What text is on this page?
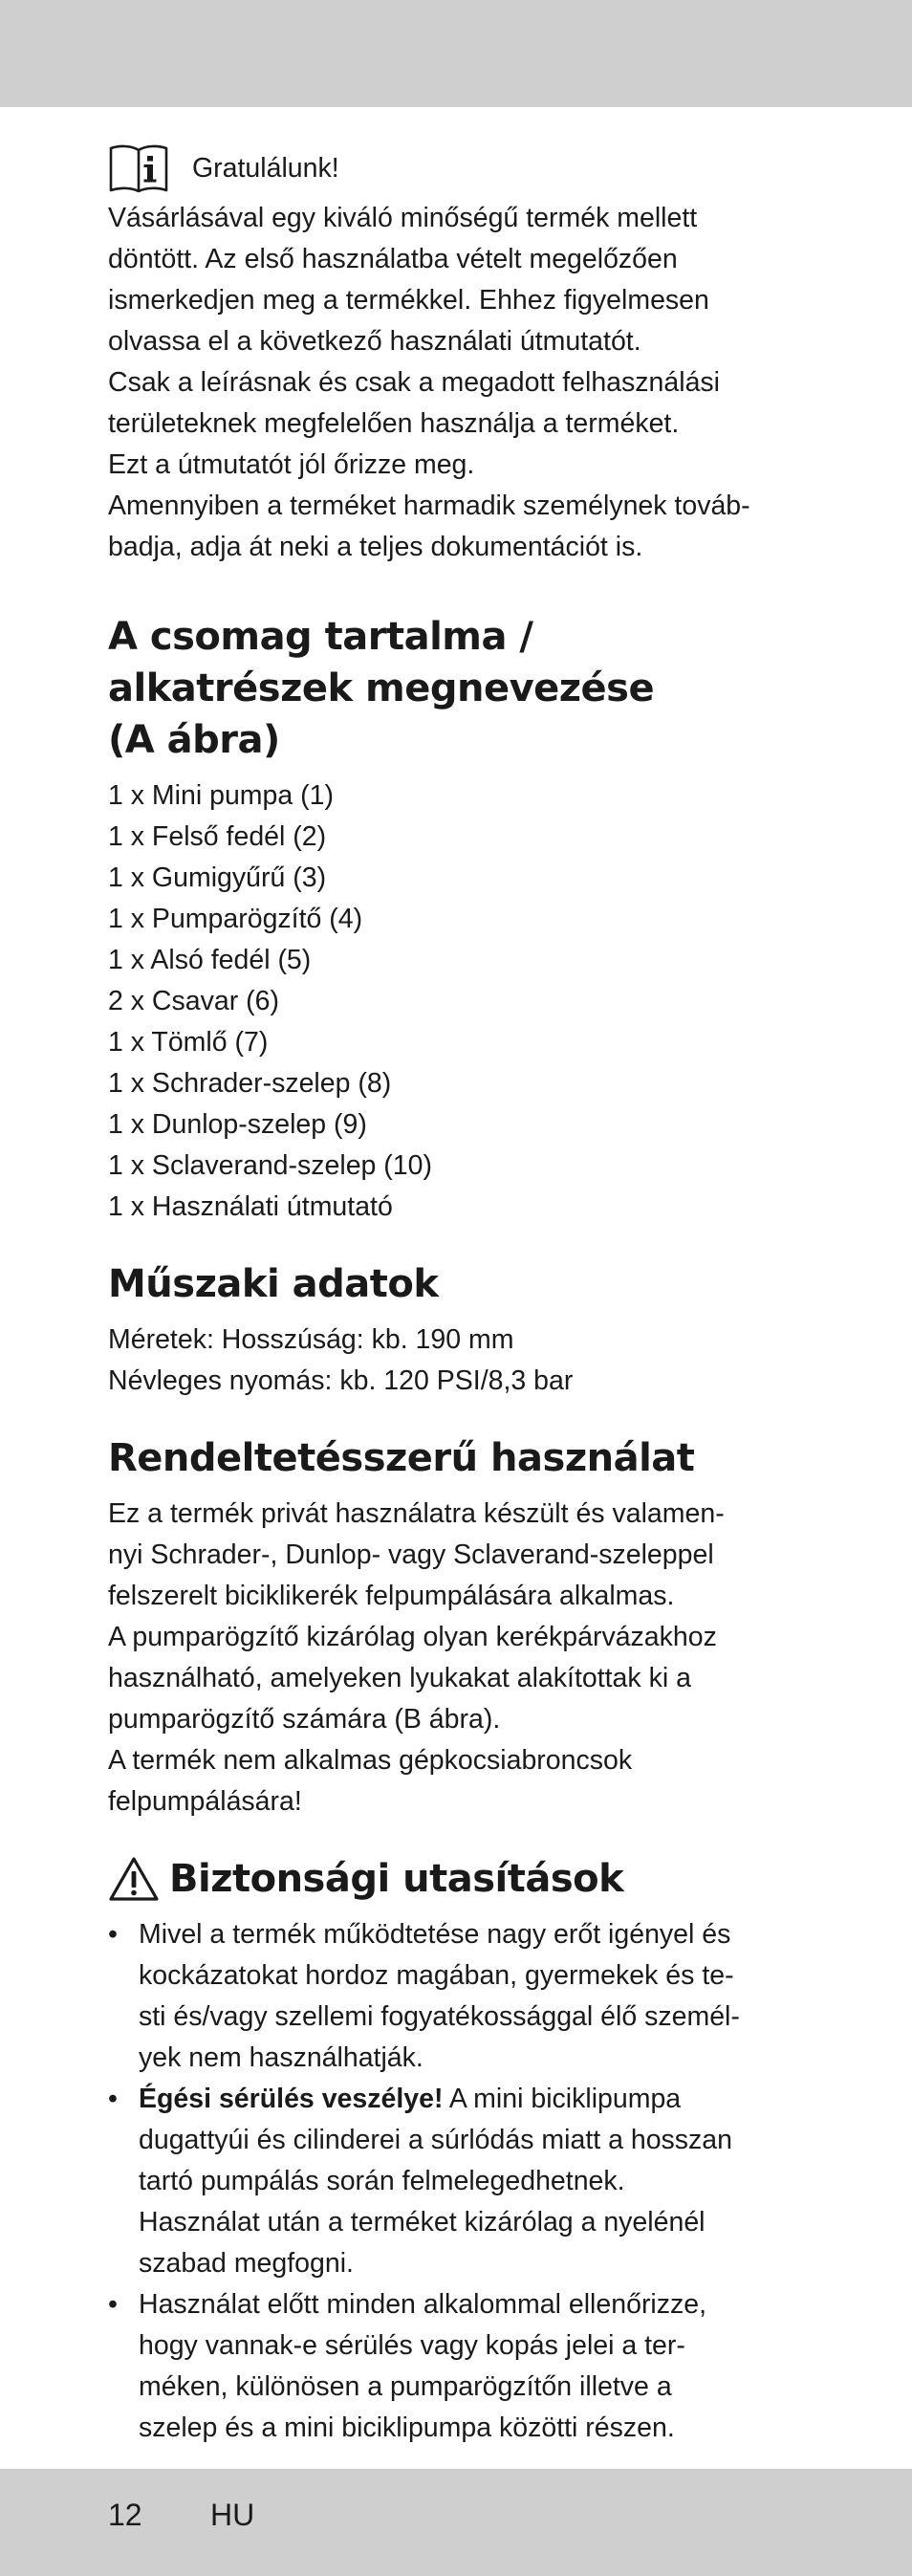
Gratulálunk!
Vásárlásával egy kiváló minőségű termék mellett
döntött. Az első használatba vételt megelőzően
ismerkedjen meg a termékkel. Ehhez figyelmesen
olvassa el a következő használati útmutatót.
Csak a leírásnak és csak a megadott felhasználási
területeknek megfelelően használja a terméket.
Ezt a útmutatót jól őrizze meg.
Amennyiben a terméket harmadik személynek továb-
badja, adja át neki a teljes dokumentációt is.
A csomag tartalma /
alkatrészek megnevezése
(A ábra)
1 x Mini pumpa (1)
1 x Felső fedél (2)
1 x Gumigyűrű (3)
1 x Pumparögzítő (4)
1 x Alsó fedél (5)
2 x Csavar (6)
1 x Tömlő (7)
1 x Schrader-szelep (8)
1 x Dunlop-szelep (9)
1 x Sclaverand-szelep (10)
1 x Használati útmutató
Műszaki adatok
Méretek: Hosszúság: kb. 190 mm
Névleges nyomás: kb. 120 PSI/8,3 bar
Rendeltetésszerű használat
Ez a termék privát használatra készült és valamen-
nyi Schrader-, Dunlop- vagy Sclaverand-szeleppel
felszerelt biciklikerék felpumpálására alkalmas.
A pumparögzítő kizárólag olyan kerékpárvázakhoz
használható, amelyeken lyukakat alakítottak ki a
pumparögzítő számára (B ábra).
A termék nem alkalmas gépkocsiabroncsok
felpumpálására!
Biztonsági utasítások
• Mivel a termék működtetése nagy erőt igényel és
kockázatokat hordoz magában, gyermekek és te-
sti és/vagy szellemi fogyatékossággal élő személ-
yek nem használhatják.
• Égési sérülés veszélye! A mini biciklipumpa
dugattyúi és cilinderei a súrlódás miatt a hosszan
tartó pumpálás során felmelegedhetnek.
Használat után a terméket kizárólag a nyelénél
szabad megfogni.
• Használat előtt minden alkalommal ellenőrizze,
hogy vannak-e sérülés vagy kopás jelei a ter-
méken, különösen a pumparögzítőn illetve a
szelep és a mini biciklipumpa közötti részen.
12 HU
